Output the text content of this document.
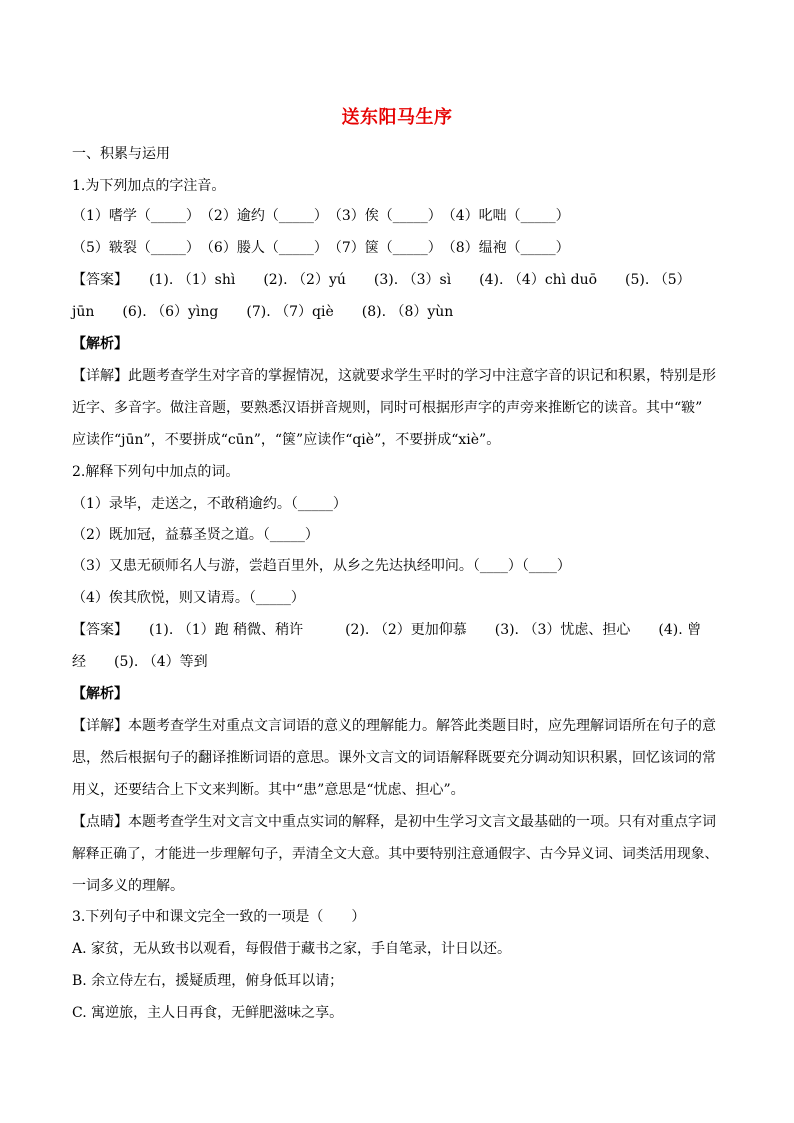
送东阳马生序
一、积累与运用
1.为下列加点的字注音。
（1）嗜学（_____）　（2）逾约（_____）　（3）俟（_____）　（4）叱咄（_____）
（5）皲裂（_____）　（6）媵人（_____）　（7）箧（_____）　（8）缊袍（_____）
【答案】　　(1). （1）shì　　(2). （2）yú　　(3). （3）sì　　(4). （4）chì duō　　(5). （5）
jūn　　(6). （6）yìng　　(7). （7）qiè　　(8). （8）yùn
【解析】
【详解】此题考查学生对字音的掌握情况，这就要求学生平时的学习中注意字音的识记和积累，特别是形
近字、多音字。做注音题，要熟悉汉语拼音规则，同时可根据形声字的声旁来推断它的读音。其中“皲”
应读作“jūn”，不要拼成“cūn”，“箧”应读作“qiè”，不要拼成“xiè”。
2.解释下列句中加点的词。
（1）录毕，走送之，不敢稍逾约。（_____）
（2）既加冠，益慕圣贤之道。（_____）
（3）又患无硕师名人与游，尝趋百里外，从乡之先达执经叩问。（____）（____）
（4）俟其欣悦，则又请焉。（_____）
【答案】　　(1). （1）跑 稍微、稍许　　　(2). （2）更加仰慕　　(3). （3）忧虑、担心　　(4). 曾
经　　(5). （4）等到
【解析】
【详解】本题考查学生对重点文言词语的意义的理解能力。解答此类题目时，应先理解词语所在句子的意
思，然后根据句子的翻译推断词语的意思。课外文言文的词语解释既要充分调动知识积累，回忆该词的常
用义，还要结合上下文来判断。其中“患”意思是“忧虑、担心”。
【点睛】本题考查学生对文言文中重点实词的解释，是初中生学习文言文最基础的一项。只有对重点字词
解释正确了，才能进一步理解句子，弄清全文大意。其中要特别注意通假字、古今异义词、词类活用现象、
一词多义的理解。
3.下列句子中和课文完全一致的一项是（　　）
A. 家贫，无从致书以观看，每假借于藏书之家，手自笔录，计日以还。
B. 余立侍左右，援疑质理，俯身低耳以请；
C. 寓逆旅，主人日再食，无鲜肥滋味之享。
